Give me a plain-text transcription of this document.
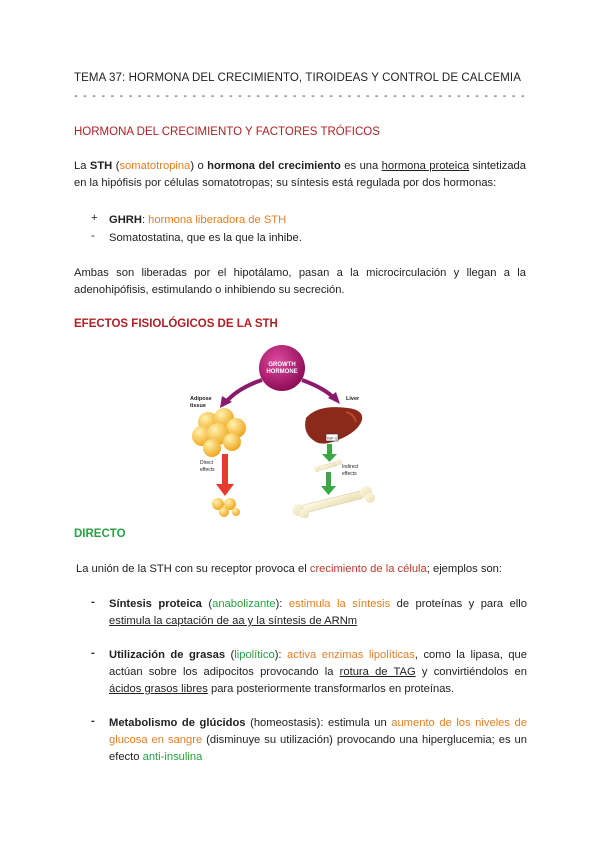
TEMA 37: HORMONA DEL CRECIMIENTO, TIROIDEAS Y CONTROL DE CALCEMIA
- - - - - - - - - - - - - - - - - - - - - - - - - - - - - - - - - - - - - - - - - - - - - - - - - -
HORMONA DEL CRECIMIENTO Y FACTORES TRÓFICOS
La STH (somatotropina) o hormona del crecimiento es una hormona proteica sintetizada en la hipófisis por células somatotropas; su síntesis está regulada por dos hormonas:
+ GHRH: hormona liberadora de STH
- Somatostatina, que es la que la inhibe.
Ambas son liberadas por el hipotálamo, pasan a la microcirculación y llegan a la adenohipófisis, estimulando o inhibiendo su secreción.
EFECTOS FISIOLÓGICOS DE LA STH
GROWTH
HORMONE
Adipose
tissue
Liver
IGF-1
Direct
effects	Indirect
effects
DIRECTO
La unión de la STH con su receptor provoca el crecimiento de la célula; ejemplos son:
- Síntesis proteica (anabolizante): estimula la síntesis de proteínas y para ello estimula la captación de aa y la síntesis de ARNm
- Utilización de grasas (lipolítico): activa enzimas lipolíticas, como la lipasa, que actúan sobre los adipocitos provocando la rotura de TAG y convirtiéndolos en ácidos grasos libres para posteriormente transformarlos en proteínas.
- Metabolismo de glúcidos (homeostasis): estimula un aumento de los niveles de glucosa en sangre (disminuye su utilización) provocando una hiperglucemia; es un efecto anti-insulina
